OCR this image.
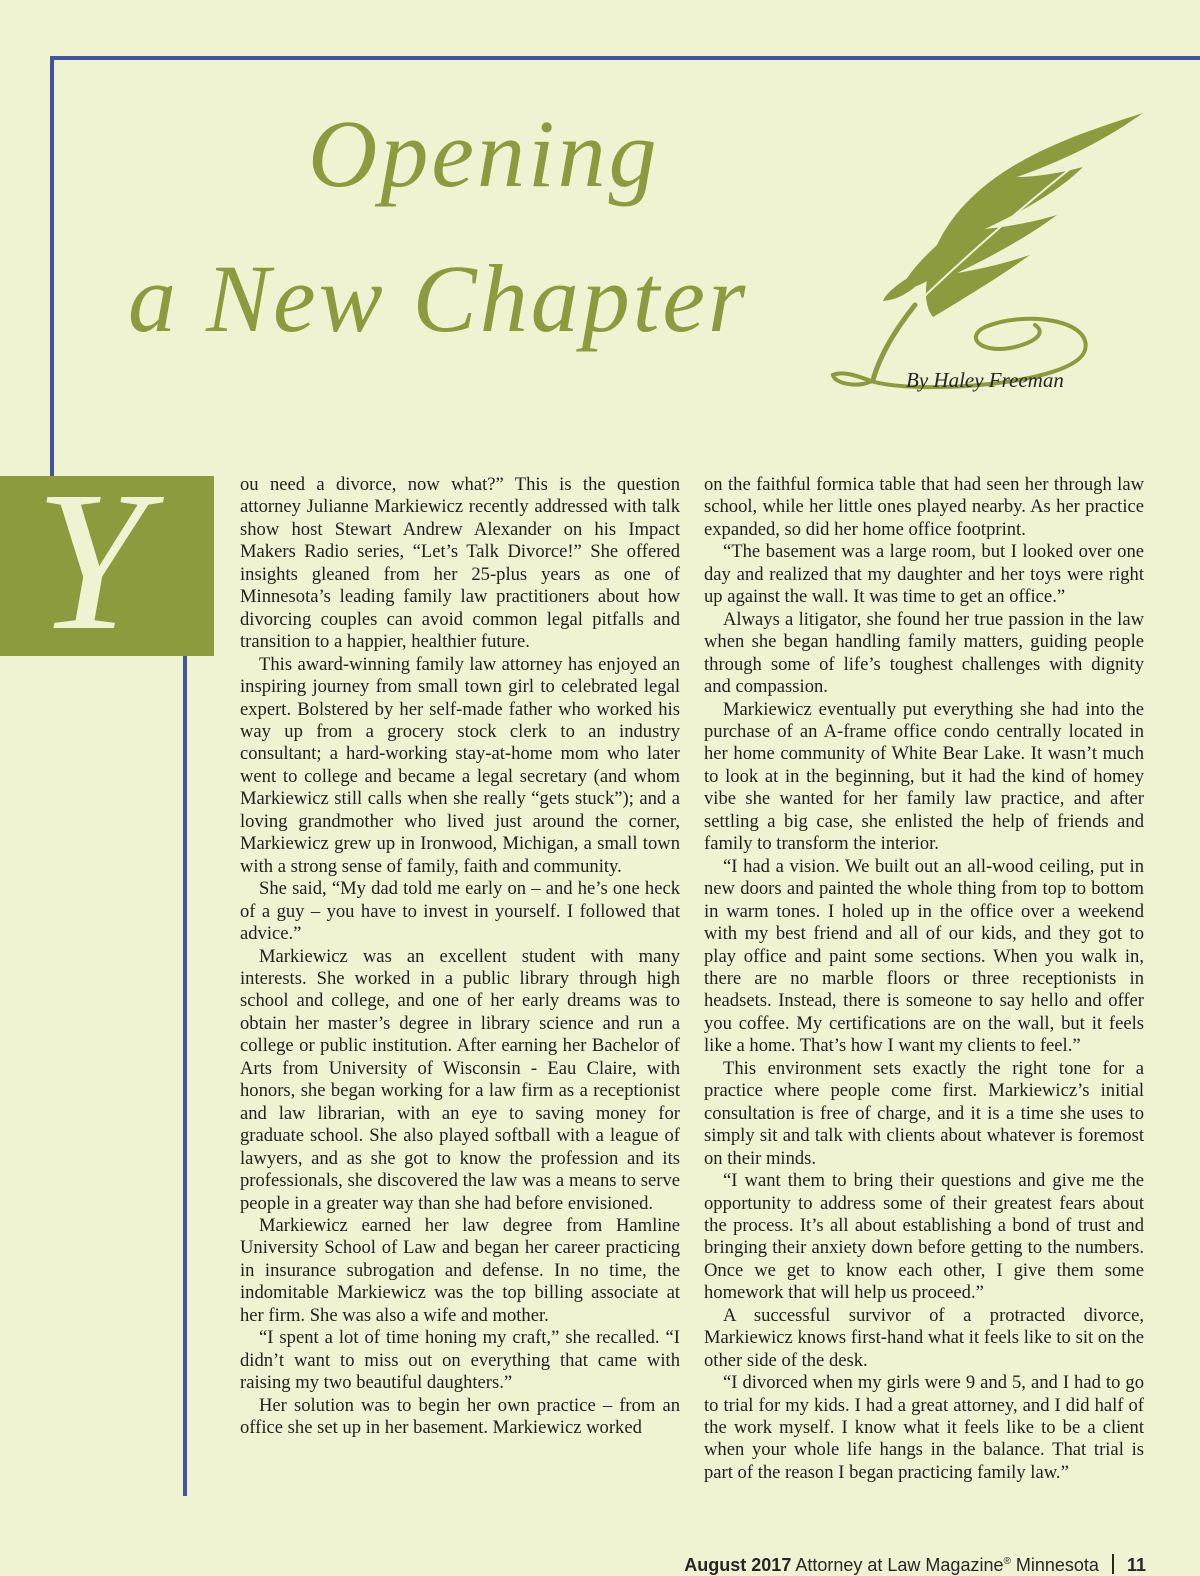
Opening
a New Chapter
By Haley Freeman
Y	ou need a divorce, now what?” This is the question attorney Julianne Markiewicz recently addressed with talk show host Stewart Andrew Alexander on his Impact Makers Radio series, “Let’s Talk Divorce!” She offered insights gleaned from her 25-plus years as one of Minnesota’s leading family law practitioners about how divorcing couples can avoid common legal pitfalls and transition to a happier, healthier future.

This award-winning family law attorney has enjoyed an inspiring journey from small town girl to celebrated legal expert. Bolstered by her self-made father who worked his way up from a grocery stock clerk to an industry consultant; a hard-working stay-at-home mom who later went to college and became a legal secretary (and whom Markiewicz still calls when she really “gets stuck”); and a loving grandmother who lived just around the corner, Markiewicz grew up in Ironwood, Michigan, a small town with a strong sense of family, faith and community.

She said, “My dad told me early on – and he’s one heck of a guy – you have to invest in yourself. I followed that advice.”

Markiewicz was an excellent student with many interests. She worked in a public library through high school and college, and one of her early dreams was to obtain her master’s degree in library science and run a college or public institution. After earning her Bachelor of Arts from University of Wisconsin - Eau Claire, with honors, she began working for a law firm as a receptionist and law librarian, with an eye to saving money for graduate school. She also played softball with a league of lawyers, and as she got to know the profession and its professionals, she discovered the law was a means to serve people in a greater way than she had before envisioned.

Markiewicz earned her law degree from Hamline University School of Law and began her career practicing in insurance subrogation and defense. In no time, the indomitable Markiewicz was the top billing associate at her firm. She was also a wife and mother.

“I spent a lot of time honing my craft,” she recalled. “I didn’t want to miss out on everything that came with raising my two beautiful daughters.”

Her solution was to begin her own practice – from an office she set up in her basement. Markiewicz worked

on the faithful formica table that had seen her through law school, while her little ones played nearby. As her practice expanded, so did her home office footprint.

“The basement was a large room, but I looked over one day and realized that my daughter and her toys were right up against the wall. It was time to get an office.”

Always a litigator, she found her true passion in the law when she began handling family matters, guiding people through some of life’s toughest challenges with dignity and compassion.

Markiewicz eventually put everything she had into the purchase of an A-frame office condo centrally located in her home community of White Bear Lake. It wasn’t much to look at in the beginning, but it had the kind of homey vibe she wanted for her family law practice, and after settling a big case, she enlisted the help of friends and family to transform the interior.

“I had a vision. We built out an all-wood ceiling, put in new doors and painted the whole thing from top to bottom in warm tones. I holed up in the office over a weekend with my best friend and all of our kids, and they got to play office and paint some sections. When you walk in, there are no marble floors or three receptionists in headsets. Instead, there is someone to say hello and offer you coffee. My certifications are on the wall, but it feels like a home. That’s how I want my clients to feel.”

This environment sets exactly the right tone for a practice where people come first. Markiewicz’s initial consultation is free of charge, and it is a time she uses to simply sit and talk with clients about whatever is foremost on their minds.

“I want them to bring their questions and give me the opportunity to address some of their greatest fears about the process. It’s all about establishing a bond of trust and bringing their anxiety down before getting to the numbers. Once we get to know each other, I give them some homework that will help us proceed.”

A successful survivor of a protracted divorce, Markiewicz knows first-hand what it feels like to sit on the other side of the desk.

“I divorced when my girls were 9 and 5, and I had to go to trial for my kids. I had a great attorney, and I did half of the work myself. I know what it feels like to be a client when your whole life hangs in the balance. That trial is part of the reason I began practicing family law.”

August 2017 Attorney at Law Magazine® Minnesota 11
